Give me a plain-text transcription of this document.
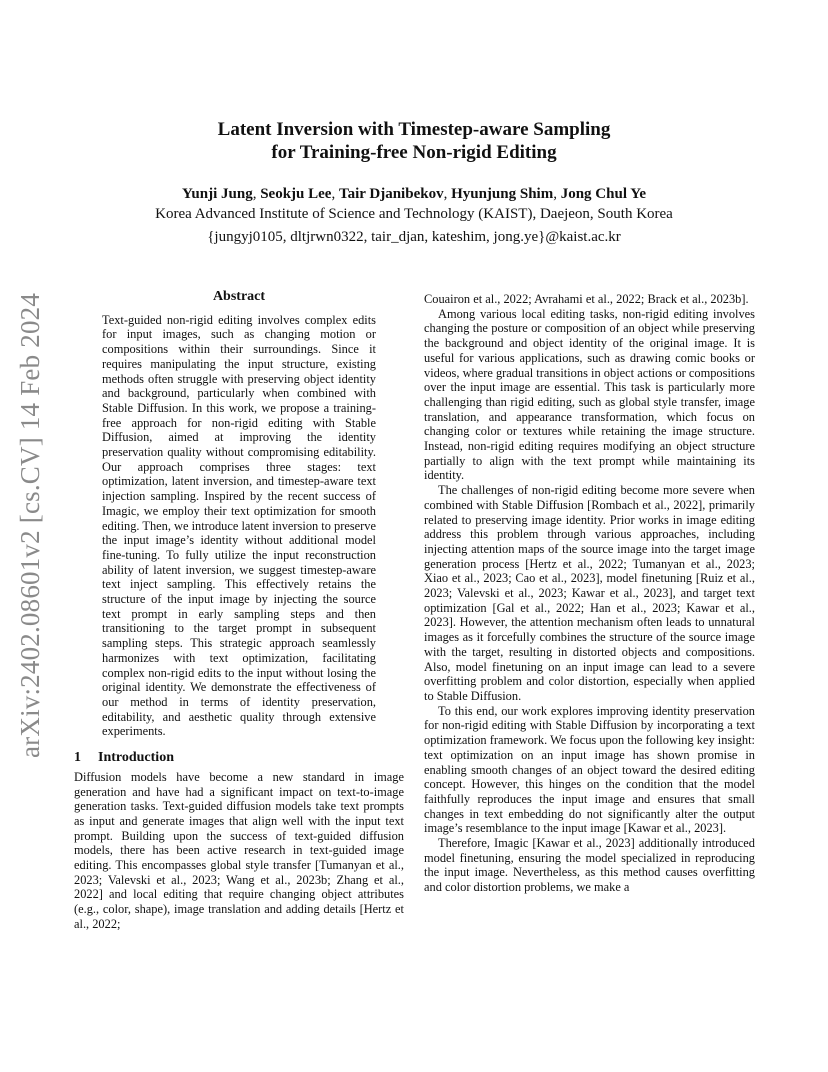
arXiv:2402.08601v2 [cs.CV] 14 Feb 2024
Latent Inversion with Timestep-aware Sampling
for Training-free Non-rigid Editing
Yunji Jung, Seokju Lee, Tair Djanibekov, Hyunjung Shim, Jong Chul Ye
Korea Advanced Institute of Science and Technology (KAIST), Daejeon, South Korea
{jungyj0105, dltjrwn0322, tair_djan, kateshim, jong.ye}@kaist.ac.kr
Abstract

Text-guided non-rigid editing involves complex edits for input images, such as changing motion or compositions within their surroundings. Since it requires manipulating the input structure, existing methods often struggle with preserving object identity and background, particularly when combined with Stable Diffusion. In this work, we propose a training-free approach for non-rigid editing with Stable Diffusion, aimed at improving the identity preservation quality without compromising editability. Our approach comprises three stages: text optimization, latent inversion, and timestep-aware text injection sampling. Inspired by the recent success of Imagic, we employ their text optimization for smooth editing. Then, we introduce latent inversion to preserve the input image’s identity without additional model fine-tuning. To fully utilize the input reconstruction ability of latent inversion, we suggest timestep-aware text inject sampling. This effectively retains the structure of the input image by injecting the source text prompt in early sampling steps and then transitioning to the target prompt in subsequent sampling steps. This strategic approach seamlessly harmonizes with text optimization, facilitating complex non-rigid edits to the input without losing the original identity. We demonstrate the effectiveness of our method in terms of identity preservation, editability, and aesthetic quality through extensive experiments.

1 Introduction

Diffusion models have become a new standard in image generation and have had a significant impact on text-to-image generation tasks. Text-guided diffusion models take text prompts as input and generate images that align well with the input text prompt. Building upon the success of text-guided diffusion models, there has been active research in text-guided image editing. This encompasses global style transfer [Tumanyan et al., 2023; Valevski et al., 2023; Wang et al., 2023b; Zhang et al., 2022] and local editing that require changing object attributes (e.g., color, shape), image translation and adding details [Hertz et al., 2022;

Couairon et al., 2022; Avrahami et al., 2022; Brack et al., 2023b].

Among various local editing tasks, non-rigid editing involves changing the posture or composition of an object while preserving the background and object identity of the original image. It is useful for various applications, such as drawing comic books or videos, where gradual transitions in object actions or compositions over the input image are essential. This task is particularly more challenging than rigid editing, such as global style transfer, image translation, and appearance transformation, which focus on changing color or textures while retaining the image structure. Instead, non-rigid editing requires modifying an object structure partially to align with the text prompt while maintaining its identity.

The challenges of non-rigid editing become more severe when combined with Stable Diffusion [Rombach et al., 2022], primarily related to preserving image identity. Prior works in image editing address this problem through various approaches, including injecting attention maps of the source image into the target image generation process [Hertz et al., 2022; Tumanyan et al., 2023; Xiao et al., 2023; Cao et al., 2023], model finetuning [Ruiz et al., 2023; Valevski et al., 2023; Kawar et al., 2023], and target text optimization [Gal et al., 2022; Han et al., 2023; Kawar et al., 2023]. However, the attention mechanism often leads to unnatural images as it forcefully combines the structure of the source image with the target, resulting in distorted objects and compositions. Also, model finetuning on an input image can lead to a severe overfitting problem and color distortion, especially when applied to Stable Diffusion.

To this end, our work explores improving identity preservation for non-rigid editing with Stable Diffusion by incorporating a text optimization framework. We focus upon the following key insight: text optimization on an input image has shown promise in enabling smooth changes of an object toward the desired editing concept. However, this hinges on the condition that the model faithfully reproduces the input image and ensures that small changes in text embedding do not significantly alter the output image’s resemblance to the input image [Kawar et al., 2023].

Therefore, Imagic [Kawar et al., 2023] additionally introduced model finetuning, ensuring the model specialized in reproducing the input image. Nevertheless, as this method causes overfitting and color distortion problems, we make a
